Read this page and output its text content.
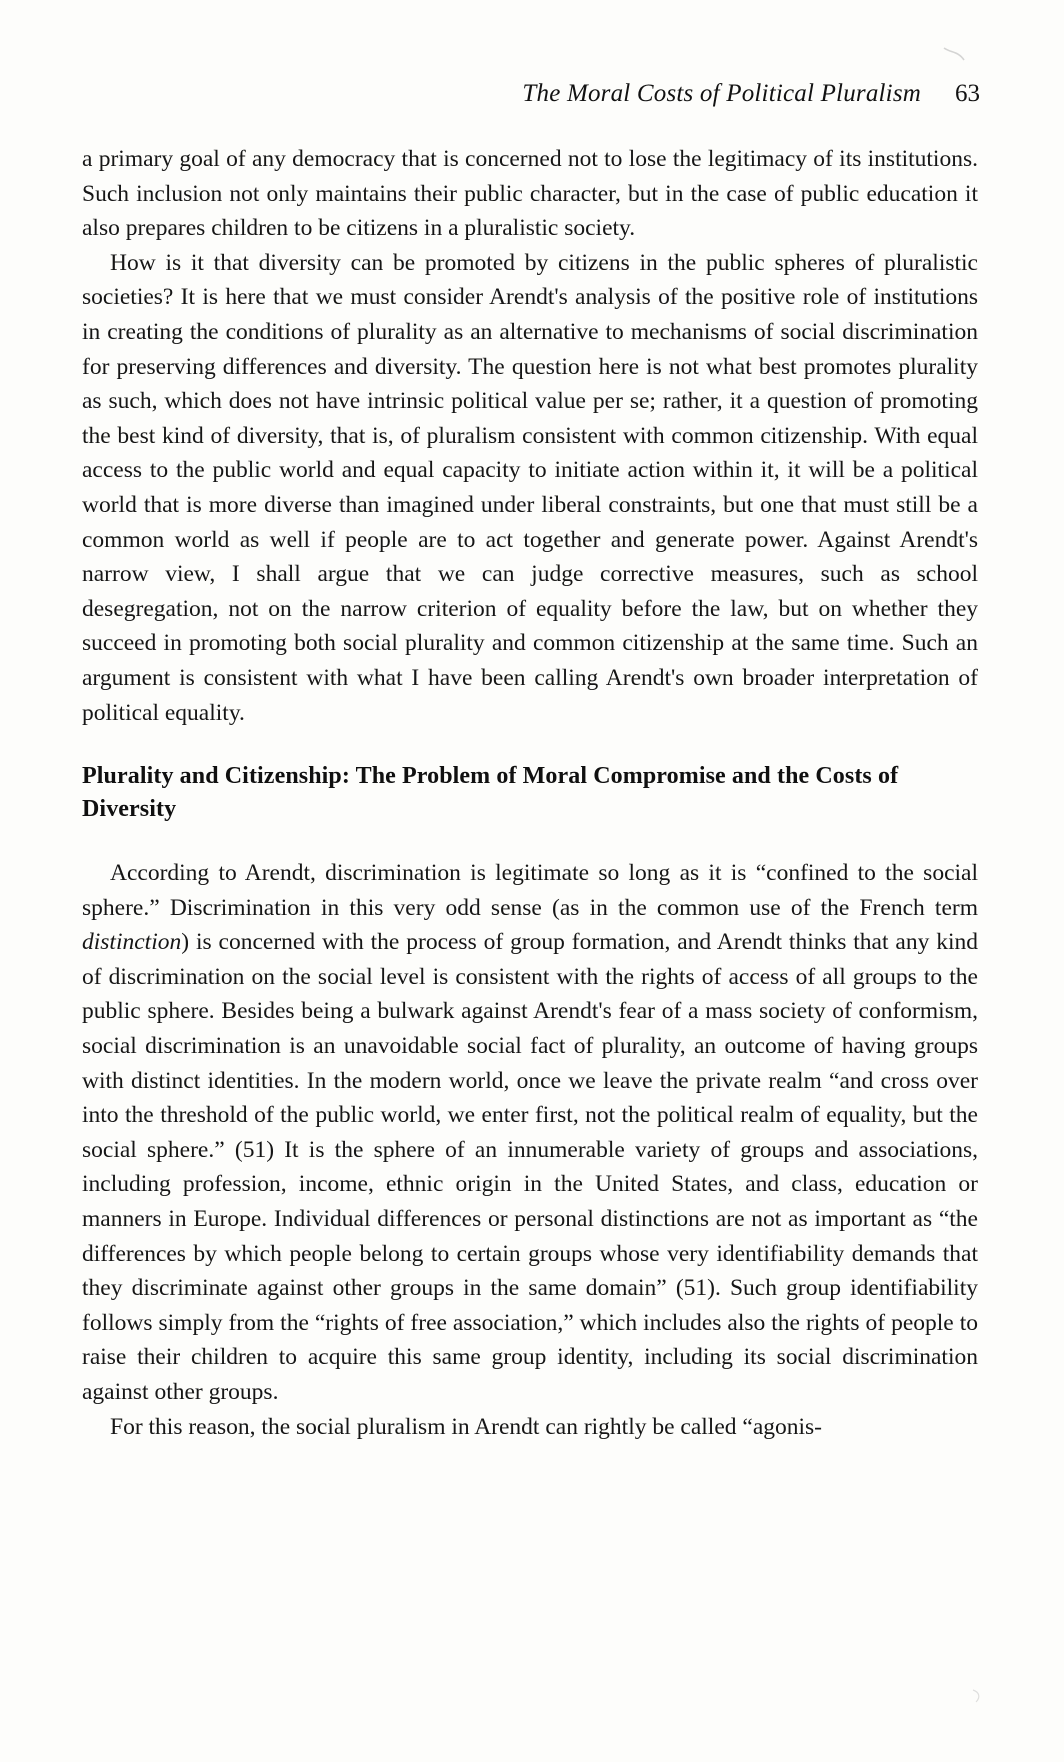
The Moral Costs of Political Pluralism 63

a primary goal of any democracy that is concerned not to lose the legitimacy of its institutions. Such inclusion not only maintains their public character, but in the case of public education it also prepares children to be citizens in a pluralistic society.

How is it that diversity can be promoted by citizens in the public spheres of pluralistic societies? It is here that we must consider Arendt's analysis of the positive role of institutions in creating the conditions of plurality as an alternative to mechanisms of social discrimination for preserving differences and diversity. The question here is not what best promotes plurality as such, which does not have intrinsic political value per se; rather, it a question of promoting the best kind of diversity, that is, of pluralism consistent with common citizenship. With equal access to the public world and equal capacity to initiate action within it, it will be a political world that is more diverse than imagined under liberal constraints, but one that must still be a common world as well if people are to act together and generate power. Against Arendt's narrow view, I shall argue that we can judge corrective measures, such as school desegregation, not on the narrow criterion of equality before the law, but on whether they succeed in promoting both social plurality and common citizenship at the same time. Such an argument is consistent with what I have been calling Arendt's own broader interpretation of political equality.

Plurality and Citizenship: The Problem of Moral Compromise and the Costs of Diversity

According to Arendt, discrimination is legitimate so long as it is “confined to the social sphere.” Discrimination in this very odd sense (as in the common use of the French term distinction) is concerned with the process of group formation, and Arendt thinks that any kind of discrimination on the social level is consistent with the rights of access of all groups to the public sphere. Besides being a bulwark against Arendt's fear of a mass society of conformism, social discrimination is an unavoidable social fact of plurality, an outcome of having groups with distinct identities. In the modern world, once we leave the private realm “and cross over into the threshold of the public world, we enter first, not the political realm of equality, but the social sphere.” (51) It is the sphere of an innumerable variety of groups and associations, including profession, income, ethnic origin in the United States, and class, education or manners in Europe. Individual differences or personal distinctions are not as important as “the differences by which people belong to certain groups whose very identifiability demands that they discriminate against other groups in the same domain” (51). Such group identifiability follows simply from the “rights of free association,” which includes also the rights of people to raise their children to acquire this same group identity, including its social discrimination against other groups.

For this reason, the social pluralism in Arendt can rightly be called “agonis-
